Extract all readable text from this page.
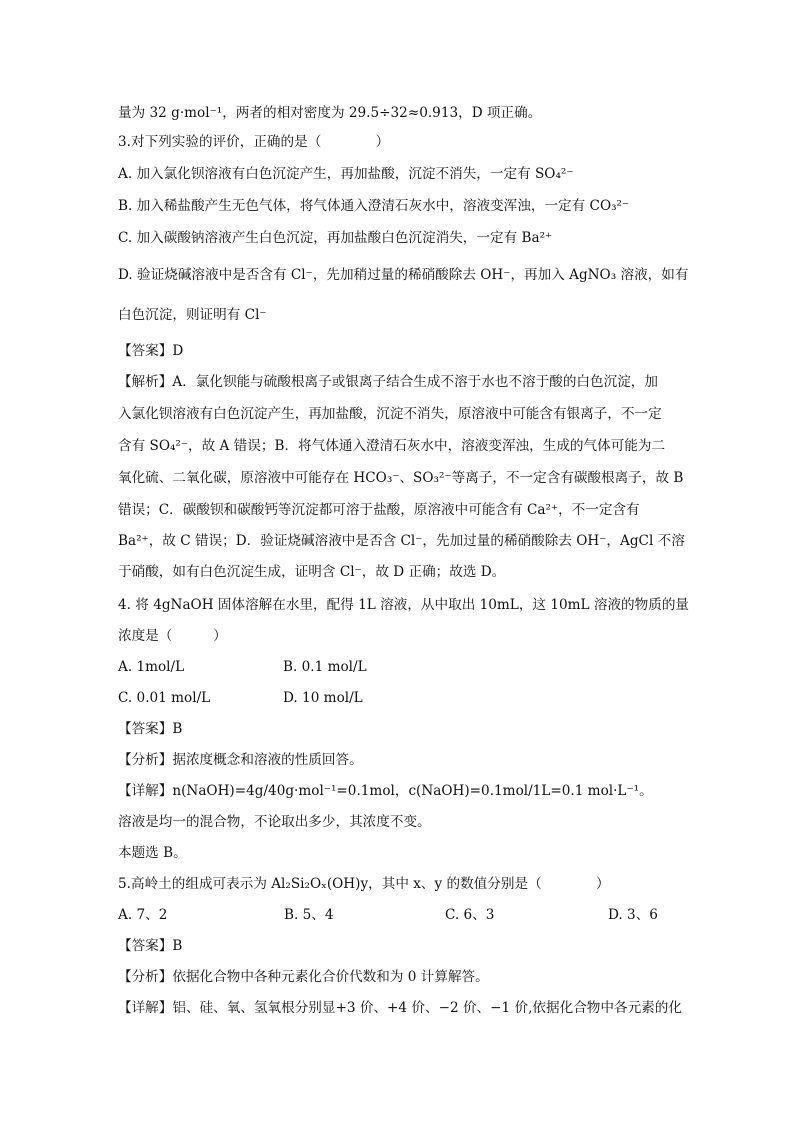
量为 32 g·mol⁻¹，两者的相对密度为 29.5÷32≈0.913，D 项正确。
3.对下列实验的评价，正确的是（　　　　）
A. 加入氯化钡溶液有白色沉淀产生，再加盐酸，沉淀不消失，一定有 SO₄²⁻
B. 加入稀盐酸产生无色气体，将气体通入澄清石灰水中，溶液变浑浊，一定有 CO₃²⁻
C. 加入碳酸钠溶液产生白色沉淀，再加盐酸白色沉淀消失，一定有 Ba²⁺
D. 验证烧碱溶液中是否含有 Cl⁻，先加稍过量的稀硝酸除去 OH⁻，再加入 AgNO₃ 溶液，如有
白色沉淀，则证明有 Cl⁻
【答案】D
【解析】A．氯化钡能与硫酸根离子或银离子结合生成不溶于水也不溶于酸的白色沉淀，加
入氯化钡溶液有白色沉淀产生，再加盐酸，沉淀不消失，原溶液中可能含有银离子，不一定
含有 SO₄²⁻，故 A 错误；B．将气体通入澄清石灰水中，溶液变浑浊，生成的气体可能为二
氧化硫、二氧化碳，原溶液中可能存在 HCO₃⁻、SO₃²⁻等离子，不一定含有碳酸根离子，故 B
错误；C．碳酸钡和碳酸钙等沉淀都可溶于盐酸，原溶液中可能含有 Ca²⁺，不一定含有
Ba²⁺，故 C 错误；D．验证烧碱溶液中是否含 Cl⁻，先加过量的稀硝酸除去 OH⁻，AgCl 不溶
于硝酸，如有白色沉淀生成，证明含 Cl⁻，故 D 正确；故选 D。
4. 将 4gNaOH 固体溶解在水里，配得 1L 溶液，从中取出 10mL，这 10mL 溶液的物质的量
浓度是（　　　）
A. 1mol/L	B. 0.1 mol/L
C. 0.01 mol/L	D. 10 mol/L
【答案】B
【分析】据浓度概念和溶液的性质回答。
【详解】n(NaOH)=4g/40g·mol⁻¹=0.1mol，c(NaOH)=0.1mol/1L=0.1 mol·L⁻¹。
溶液是均一的混合物，不论取出多少，其浓度不变。
本题选 B。
5.高岭土的组成可表示为 Al₂Si₂Oₓ(OH)y，其中 x、y 的数值分别是（　　　　）
A. 7、2	B. 5、4	C. 6、3	D. 3、6
【答案】B
【分析】依据化合物中各种元素化合价代数和为 0 计算解答。
【详解】铝、硅、氧、氢氧根分别显+3 价、+4 价、−2 价、−1 价,依据化合物中各元素的化
